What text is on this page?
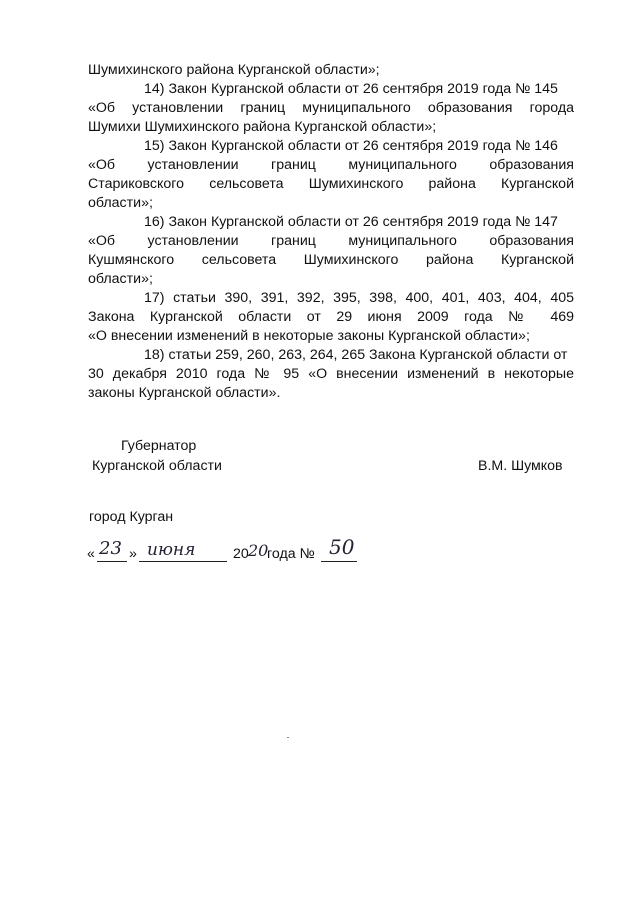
Шумихинского района Курганской области»;
14) Закон Курганской области от 26 сентября 2019 года № 145
«Об установлении границ муниципального образования города
Шумихи Шумихинского района Курганской области»;
15) Закон Курганской области от 26 сентября 2019 года № 146
«Об установлении границ муниципального образования
Стариковского сельсовета Шумихинского района Курганской
области»;
16) Закон Курганской области от 26 сентября 2019 года № 147
«Об установлении границ муниципального образования
Кушмянского сельсовета Шумихинского района Курганской
области»;
17) статьи 390, 391, 392, 395, 398, 400, 401, 403, 404, 405
Закона Курганской области от 29 июня 2009 года № 469
«О внесении изменений в некоторые законы Курганской области»;
18) статьи 259, 260, 263, 264, 265 Закона Курганской области от
30 декабря 2010 года № 95 «О внесении изменений в некоторые
законы Курганской области».
Губернатор
Курганской области	В.М. Шумков
город Курган
« 23 » июня	20 20
года № 50
